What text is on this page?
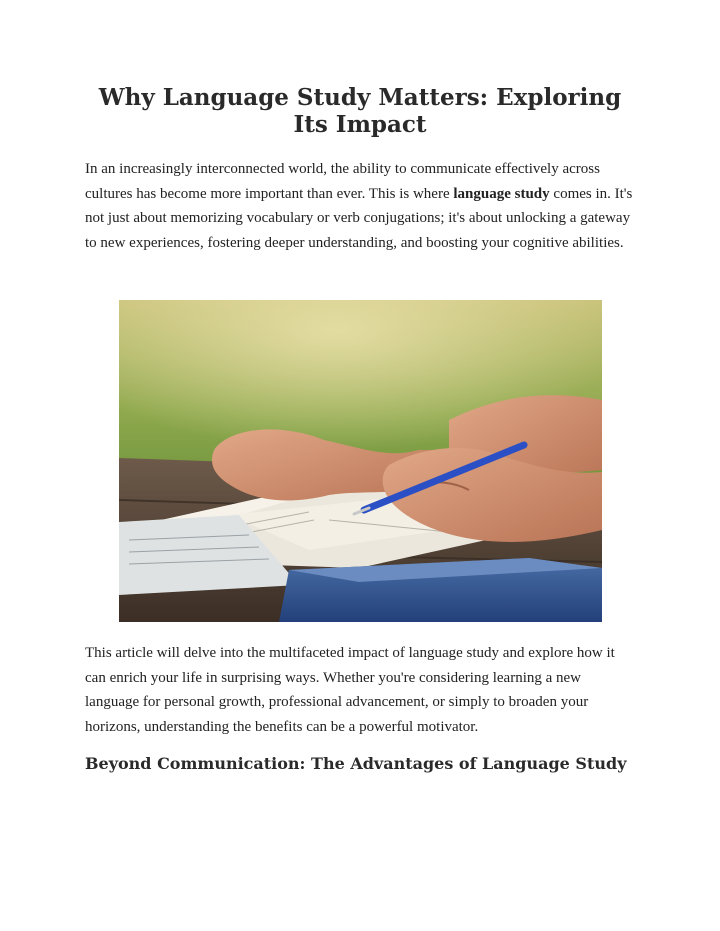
Why Language Study Matters: Exploring Its Impact

In an increasingly interconnected world, the ability to communicate effectively across cultures has become more important than ever. This is where language study comes in. It's not just about memorizing vocabulary or verb conjugations; it's about unlocking a gateway to new experiences, fostering deeper understanding, and boosting your cognitive abilities.

This article will delve into the multifaceted impact of language study and explore how it can enrich your life in surprising ways. Whether you're considering learning a new language for personal growth, professional advancement, or simply to broaden your horizons, understanding the benefits can be a powerful motivator.

Beyond Communication: The Advantages of Language Study
